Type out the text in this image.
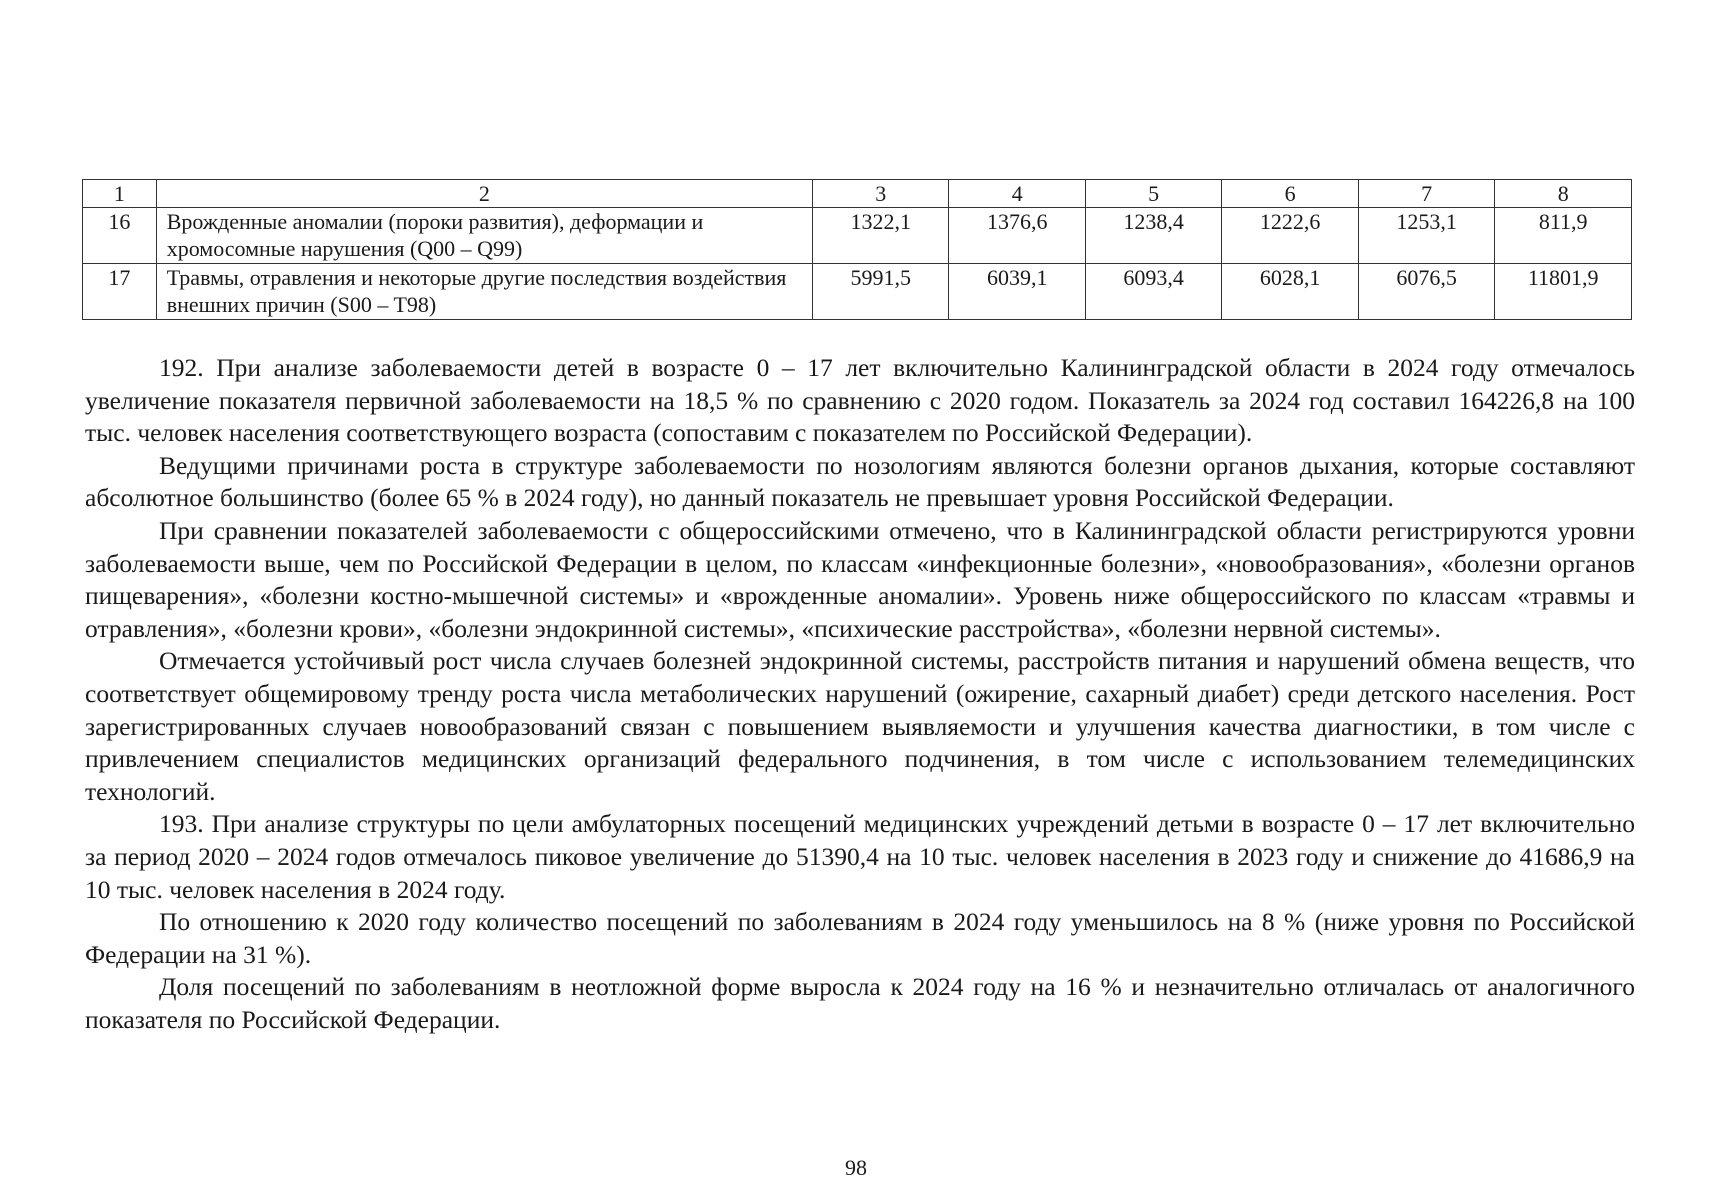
1	2	3	4	5	6	7	8
16	Врожденные аномалии (пороки развития), деформации и хромосомные нарушения (Q00 – Q99)	1322,1	1376,6	1238,4	1222,6	1253,1	811,9
17	Травмы, отравления и некоторые другие последствия воздействия внешних причин (S00 – T98)	5991,5	6039,1	6093,4	6028,1	6076,5	11801,9

192. При анализе заболеваемости детей в возрасте 0 – 17 лет включительно Калининградской области в 2024 году отмечалось увеличение показателя первичной заболеваемости на 18,5 % по сравнению с 2020 годом. Показатель за 2024 год составил 164226,8 на 100 тыс. человек населения соответствующего возраста (сопоставим с показателем по Российской Федерации).

Ведущими причинами роста в структуре заболеваемости по нозологиям являются болезни органов дыхания, которые составляют абсолютное большинство (более 65 % в 2024 году), но данный показатель не превышает уровня Российской Федерации.

При сравнении показателей заболеваемости с общероссийскими отмечено, что в Калининградской области регистрируются уровни заболеваемости выше, чем по Российской Федерации в целом, по классам «инфекционные болезни», «новообразования», «болезни органов пищеварения», «болезни костно-мышечной системы» и «врожденные аномалии». Уровень ниже общероссийского по классам «травмы и отравления», «болезни крови», «болезни эндокринной системы», «психические расстройства», «болезни нервной системы».

Отмечается устойчивый рост числа случаев болезней эндокринной системы, расстройств питания и нарушений обмена веществ, что соответствует общемировому тренду роста числа метаболических нарушений (ожирение, сахарный диабет) среди детского населения. Рост зарегистрированных случаев новообразований связан с повышением выявляемости и улучшения качества диагностики, в том числе с привлечением специалистов медицинских организаций федерального подчинения, в том числе с использованием телемедицинских технологий.

193. При анализе структуры по цели амбулаторных посещений медицинских учреждений детьми в возрасте 0 – 17 лет включительно за период 2020 – 2024 годов отмечалось пиковое увеличение до 51390,4 на 10 тыс. человек населения в 2023 году и снижение до 41686,9 на 10 тыс. человек населения в 2024 году.

По отношению к 2020 году количество посещений по заболеваниям в 2024 году уменьшилось на 8 % (ниже уровня по Российской Федерации на 31 %).

Доля посещений по заболеваниям в неотложной форме выросла к 2024 году на 16 % и незначительно отличалась от аналогичного показателя по Российской Федерации.

98
